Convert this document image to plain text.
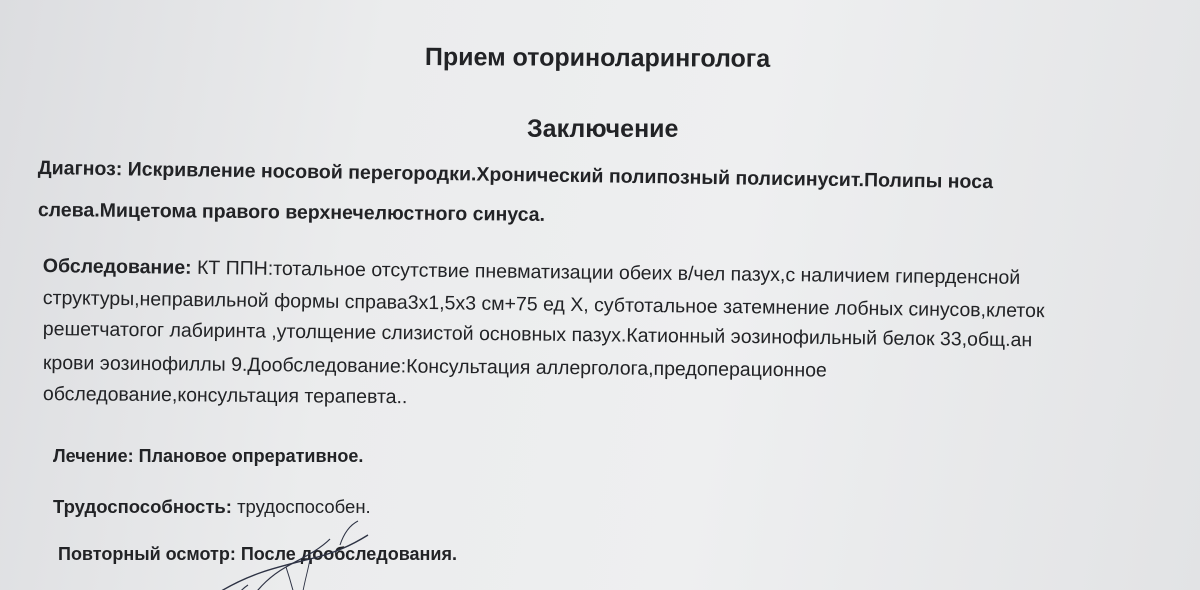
Прием оториноларинголога
Заключение
Диагноз: Искривление носовой перегородки.Хронический полипозный полисинусит.Полипы носа
слева.Мицетома правого верхнечелюстного синуса.
Обследование: КТ ППН:тотальное отсутствие пневматизации обеих в/чел пазух,с наличием гиперденсной
структуры,неправильной формы справа3х1,5х3 см+75 ед Х, субтотальное затемнение лобных синусов,клеток
решетчатогог лабиринта ,утолщение слизистой основных пазух.Катионный эозинофильный белок 33,общ.ан
крови эозинофиллы 9.Дообследование:Консультация аллерголога,предоперационное
обследование,консультация терапевта..
Лечение: Плановое опреративное.
Трудоспособность: трудоспособен.
Повторный осмотр: После дообследования.
